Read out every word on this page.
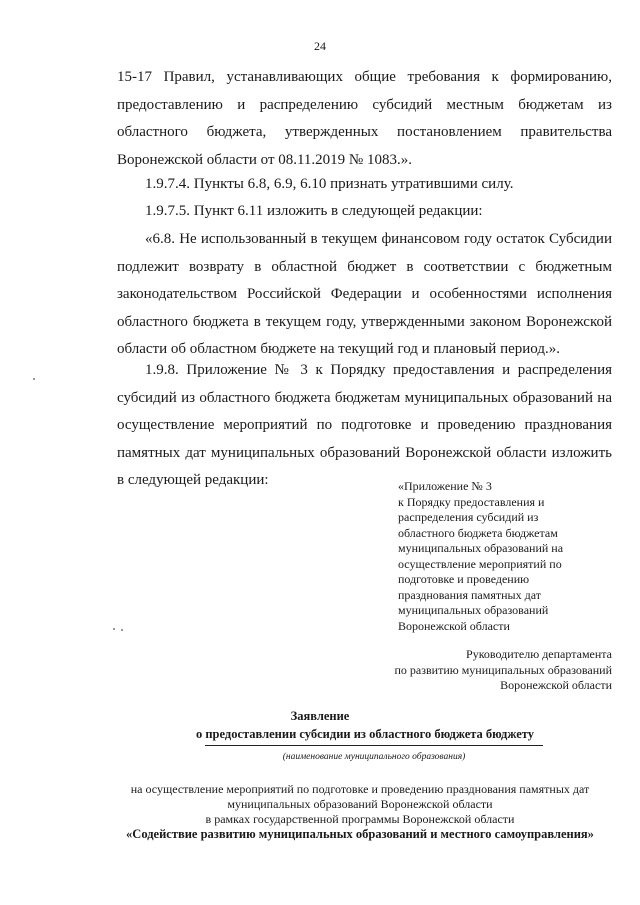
24

15-17 Правил, устанавливающих общие требования к формированию, предоставлению и распределению субсидий местным бюджетам из областного бюджета, утвержденных постановлением правительства Воронежской области от 08.11.2019 № 1083.».

1.9.7.4. Пункты 6.8, 6.9, 6.10 признать утратившими силу.

1.9.7.5. Пункт 6.11 изложить в следующей редакции:

«6.8. Не использованный в текущем финансовом году остаток Субсидии подлежит возврату в областной бюджет в соответствии с бюджетным законодательством Российской Федерации и особенностями исполнения областного бюджета в текущем году, утвержденными законом Воронежской области об областном бюджете на текущий год и плановый период.».

1.9.8. Приложение № 3 к Порядку предоставления и распределения субсидий из областного бюджета бюджетам муниципальных образований на осуществление мероприятий по подготовке и проведению празднования памятных дат муниципальных образований Воронежской области изложить в следующей редакции:	«Приложение № 3
к Порядку предоставления и
распределения субсидий из
областного бюджета бюджетам
муниципальных образований на
осуществление мероприятий по
подготовке и проведению
празднования памятных дат
муниципальных образований
Воронежской области
Руководителю департамента
по развитию муниципальных образований
Воронежской области
Заявление
о предоставлении субсидии из областного бюджета бюджету
(наименование муниципального образования)
на осуществление мероприятий по подготовке и проведению празднования памятных дат
муниципальных образований Воронежской области
в рамках государственной программы Воронежской области
«Содействие развитию муниципальных образований и местного самоуправления»
